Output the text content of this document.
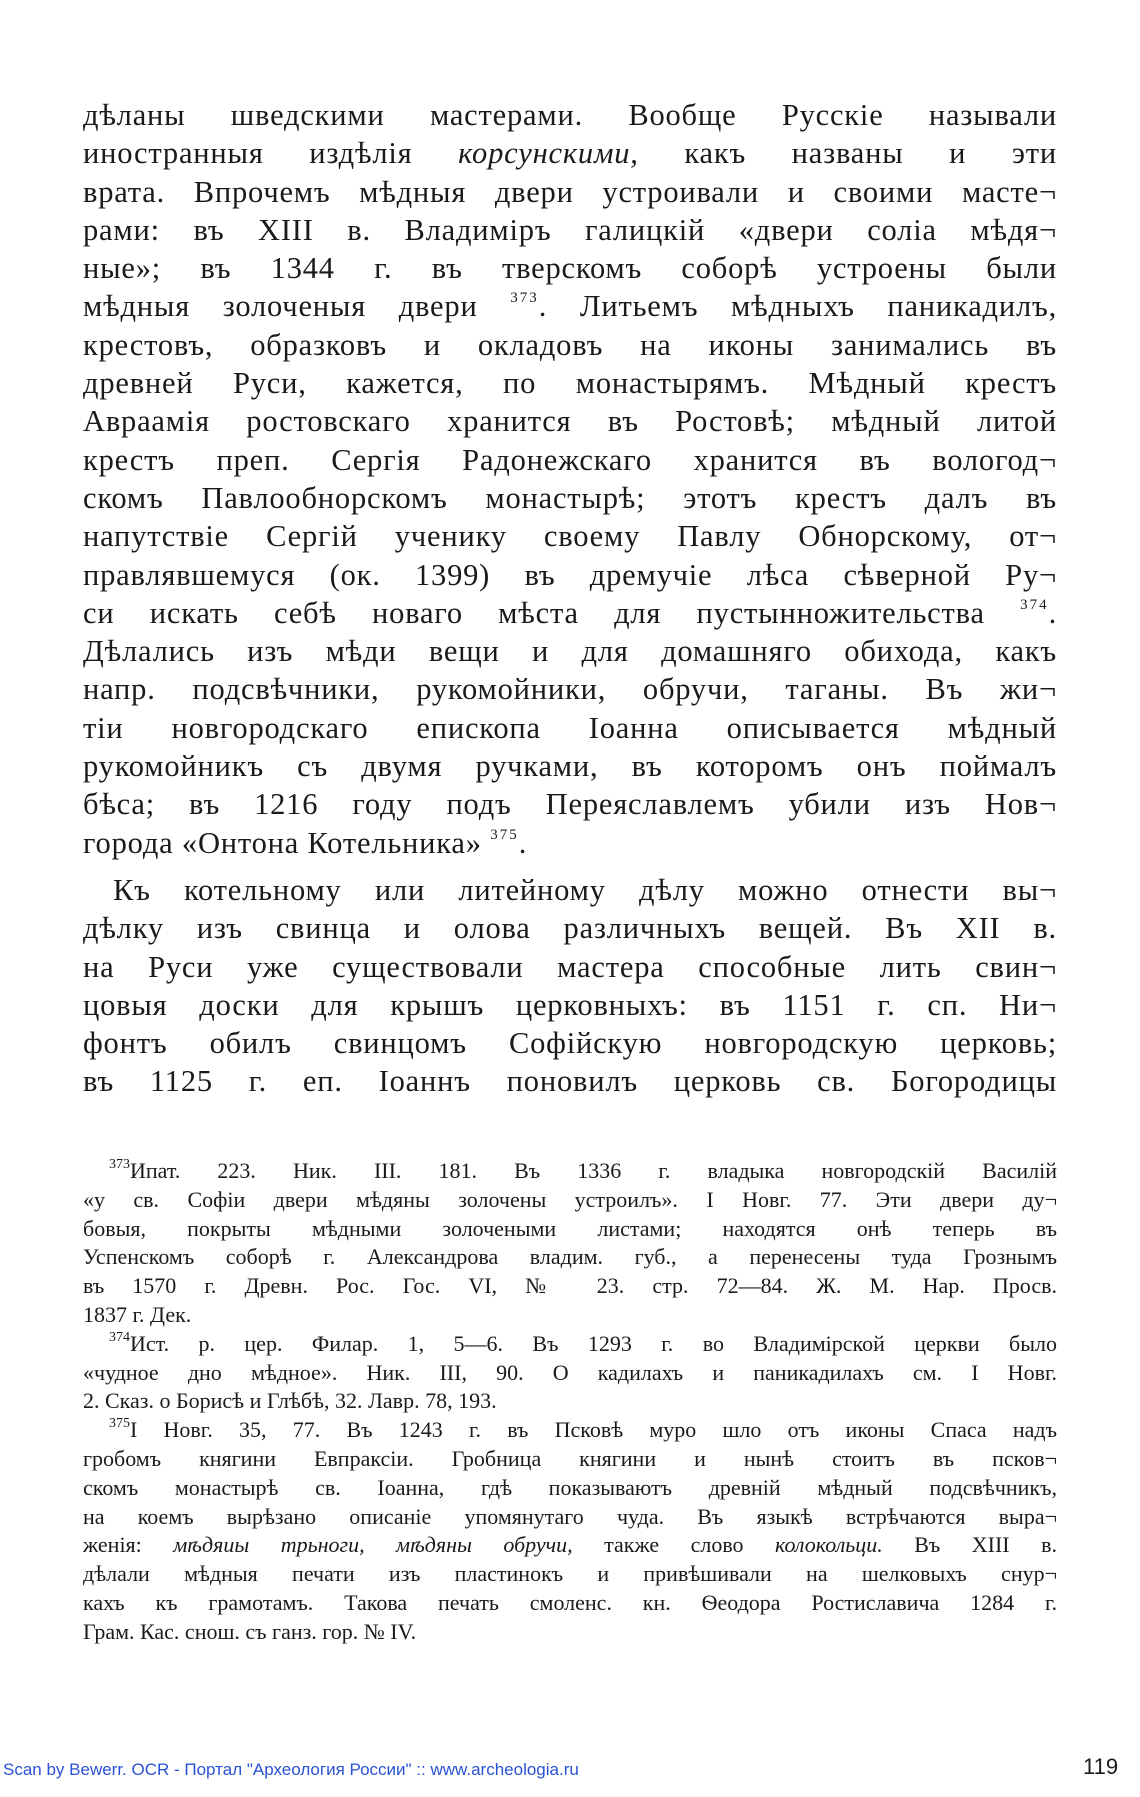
дѣланы шведскими мастерами. Вообще Русскіе называли
иностранныя издѣлія корсунскими, какъ названы и эти
врата. Впрочемъ мѣдныя двери устроивали и своими масте¬
рами: въ XIII в. Владиміръ галицкій «двери соліа мѣдя¬
ные»; въ 1344 г. въ тверскомъ соборѣ устроены были
мѣдныя золоченыя двери $^{373}$. Литьемъ мѣдныхъ паникадилъ,
крестовъ, образковъ и окладовъ на иконы занимались въ
древней Руси, кажется, по монастырямъ. Мѣдный крестъ
Авраамія ростовскаго хранится въ Ростовѣ; мѣдный литой
крестъ преп. Сергія Радонежскаго хранится въ вологод¬
скомъ Павлообнорскомъ монастырѣ; этотъ крестъ далъ въ
напутствіе Сергій ученику своему Павлу Обнорскому, от¬
правлявшемуся (ок. 1399) въ дремучіе лѣса сѣверной Ру¬
си искать себѣ новаго мѣста для пустынножительства $^{374}$.
Дѣлались изъ мѣди вещи и для домашняго обихода, какъ
напр. подсвѣчники, рукомойники, обручи, таганы. Въ жи¬
тіи новгородскаго епископа Іоанна описывается мѣдный
рукомойникъ съ двумя ручками, въ которомъ онъ поймалъ
бѣса; въ 1216 году подъ Переяславлемъ убили изъ Нов¬
города «Онтона Котельника» $^{375}$.
Къ котельному или литейному дѣлу можно отнести вы¬
дѣлку изъ свинца и олова различныхъ вещей. Въ XII в.
на Руси уже существовали мастера способные лить свин¬
цовыя доски для крышъ церковныхъ: въ 1151 г. сп. Ни¬
фонтъ обилъ свинцомъ Софійскую новгородскую церковь;
въ 1125 г. еп. Іоаннъ поновилъ церковь св. Богородицы
$^{373}$Ипат. 223. Ник. III. 181. Въ 1336 г. владыка новгородскій Василій
«у св. Софіи двери мѣдяны золочены устроилъ». I Новг. 77. Эти двери ду¬
бовыя, покрыты мѣдными золочеными листами; находятся онѣ теперь въ
Успенскомъ соборѣ г. Александрова владим. губ., а перенесены туда Грознымъ
въ 1570 г. Древн. Рос. Гос. VI, № 23. стр. 72—84. Ж. М. Нар. Просв.
1837 г. Дек.
$^{374}$Ист. р. цер. Филар. 1, 5—6. Въ 1293 г. во Владимірской церкви было
«чудное дно мѣдное». Ник. III, 90. О кадилахъ и паникадилахъ см. I Новг.
2. Сказ. о Борисѣ и Глѣбѣ, 32. Лавр. 78, 193.
$^{375}$I Новг. 35, 77. Въ 1243 г. въ Псковѣ муро шло отъ иконы Спаса надъ
гробомъ княгини Евпраксіи. Гробница княгини и нынѣ стоитъ въ псков¬
скомъ монастырѣ св. Іоанна, гдѣ показываютъ древній мѣдный подсвѣчникъ,
на коемъ вырѣзано описаніе упомянутаго чуда. Въ языкѣ встрѣчаются выра¬
женія: мѣдяиы трьноги, мѣдяны обручи, также слово колокольци. Въ XIII в.
дѣлали мѣдныя печати изъ пластинокъ и привѣшивали на шелковыхъ снур¬
кахъ къ грамотамъ. Такова печать смоленс. кн. Ѳеодора Ростиславича 1284 г.
Грам. Кас. снош. съ ганз. гор. № IV.
Scan by Bewerr. OCR - Портал "Археология России" :: www.archeologia.ru	119
